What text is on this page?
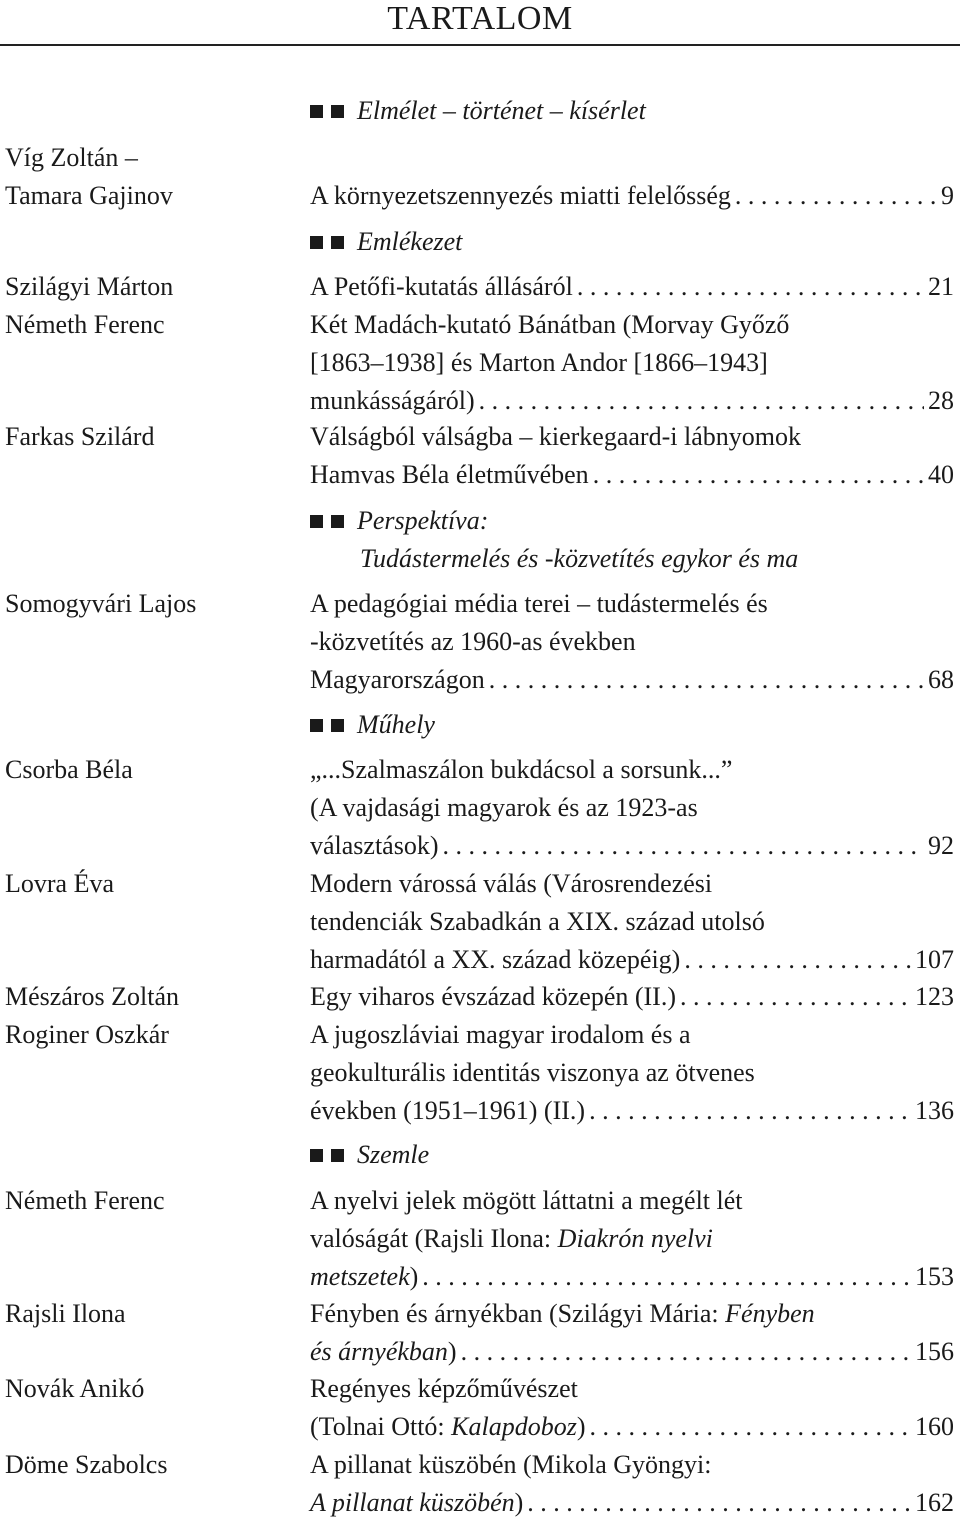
TARTALOM
Elmélet – történet – kísérlet
Víg Zoltán –
Tamara Gajinov	A környezetszennyezés miatti felelősség . . .	9
Emlékezet
Szilágyi Márton	A Petőfi-kutatás állásáról . . .	21
Németh Ferenc	Két Madách-kutató Bánátban (Morvay Győző
[1863–1938] és Marton Andor [1866–1943]
munkásságáról) . . .	28
Farkas Szilárd	Válságból válságba – kierkegaard-i lábnyomok
Hamvas Béla életművében . . .	40
Perspektíva:
Tudástermelés és -közvetítés egykor és ma
Somogyvári Lajos	A pedagógiai média terei – tudástermelés és
-közvetítés az 1960-as években
Magyarországon . . .	68
Műhely
Csorba Béla	„...Szalmaszálon bukdácsol a sorsunk...”
(A vajdasági magyarok és az 1923-as
választások) . . .	92
Lovra Éva	Modern várossá válás (Városrendezési
tendenciák Szabadkán a XIX. század utolsó
harmadától a XX. század közepéig) . . .	107
Mészáros Zoltán	Egy viharos évszázad közepén (II.) . . .	123
Roginer Oszkár	A jugoszláviai magyar irodalom és a
geokulturális identitás viszonya az ötvenes
években (1951–1961) (II.) . . .	136
Szemle
Németh Ferenc	A nyelvi jelek mögött láttatni a megélt lét
valóságát (Rajsli Ilona: Diakrón nyelvi
metszetek) . . .	153
Rajsli Ilona	Fényben és árnyékban (Szilágyi Mária: Fényben
és árnyékban) . . .	156
Novák Anikó	Regényes képzőművészet
(Tolnai Ottó: Kalapdoboz) . . .	160
Döme Szabolcs	A pillanat küszöbén (Mikola Gyöngyi:
A pillanat küszöbén) . . .	162
